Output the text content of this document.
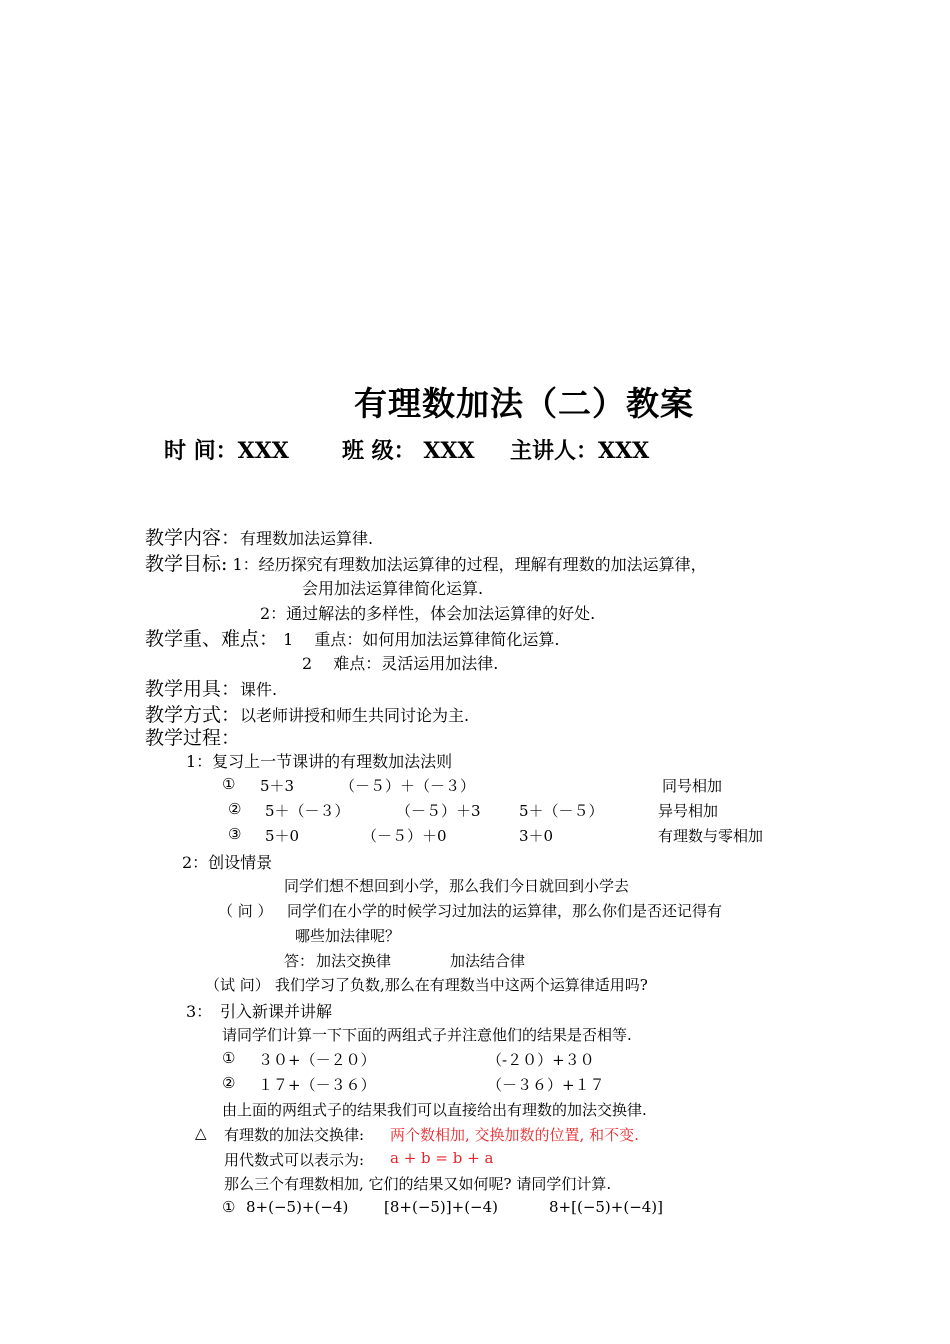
有理数加法（二）教案
时 间：XXX 班 级： XXX 主讲人：XXX
教学内容：有理数加法运算律.
教学目标: 1：经历探究有理数加法运算律的过程，理解有理数的加法运算律，
会用加法运算律简化运算.
2：通过解法的多样性，体会加法运算律的好处.
教学重、难点： 1　 重点：如何用加法运算律简化运算.
2　 难点：灵活运用加法律.
教学用具：课件.
教学方式：以老师讲授和师生共同讨论为主.
教学过程：
1：复习上一节课讲的有理数加法法则
① 5＋3	（－５）＋（－３）	同号相加
② 5＋（－３）	（－５）＋3	5＋（－５）	异号相加
③ 5＋0	（－５）＋0	3＋0	有理数与零相加
2：创设情景
同学们想不想回到小学，那么我们今日就回到小学去
（ 问 ） 同学们在小学的时候学习过加法的运算律，那么你们是否还记得有
哪些加法律呢？
答： 加法交换律	加法结合律
（试 问） 我们学习了负数,那么在有理数当中这两个运算律适用吗?
3： 引入新课并讲解
请同学们计算一下下面的两组式子并注意他们的结果是否相等.
① ３０+（－２０）	（-２０）+３０
② １７+（－３６）	（－３６）+１７
由上面的两组式子的结果我们可以直接给出有理数的加法交换律.
△ 有理数的加法交换律: 两个数相加, 交换加数的位置, 和不变.
用代数式可以表示为: a + b = b + a
那么三个有理数相加, 它们的结果又如何呢? 请同学们计算.
① 8+(−5)+(−4) [8+(−5)]+(−4)	8+[(−5)+(−4)]
